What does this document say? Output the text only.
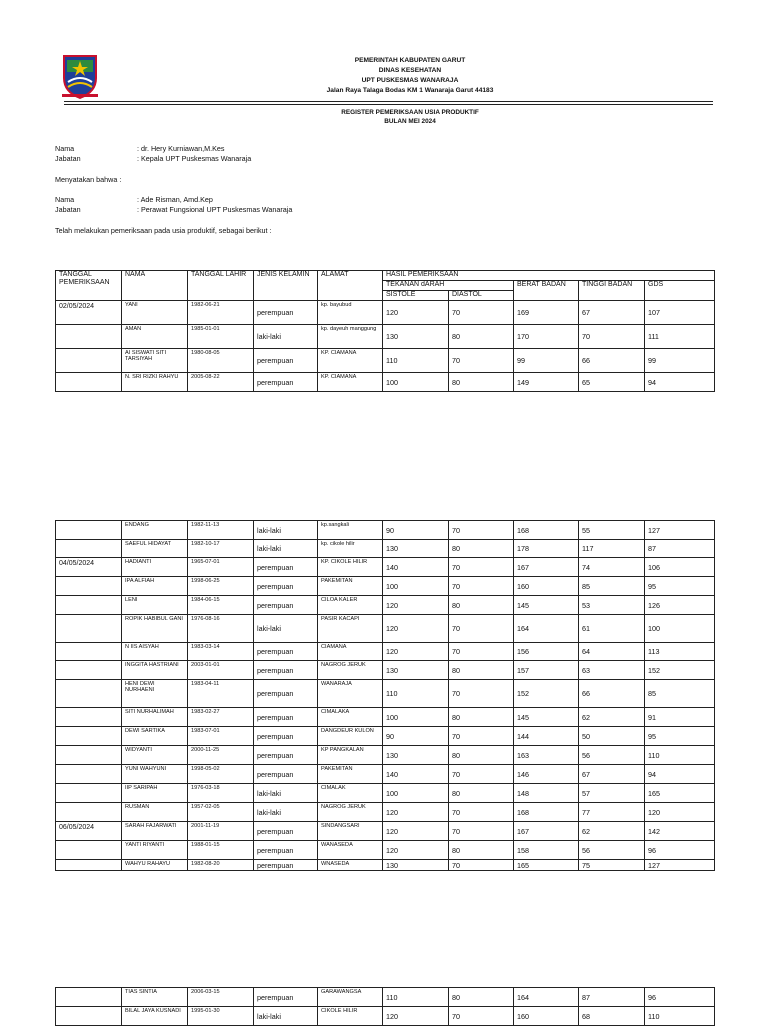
PEMERINTAH KABUPATEN GARUT
DINAS KESEHATAN
UPT PUSKESMAS WANARAJA
Jalan Raya Talaga Bodas KM 1 Wanaraja Garut 44183
REGISTER PEMERIKSAAN USIA PRODUKTIF
BULAN MEI 2024
Nama	: dr. Hery Kurniawan,M.Kes
Jabatan	: Kepala UPT Puskesmas Wanaraja
Menyatakan bahwa :
Nama	: Ade Risman, Amd.Kep
Jabatan	: Perawat Fungsional UPT Puskesmas Wanaraja
Telah melakukan pemeriksaan pada usia produktif, sebagai berikut :
TANGGAL PEMERIKSAAN	NAMA	TANGGAL LAHIR	JENIS KELAMIN	ALAMAT	HASIL PEMERIKSAAN				
					TEKANAN dARAH		BERAT BADAN	TINGGI BADAN	GDS
					SISTOLE	DIASTOL			
02/05/2024	YANI	1982-06-21	perempuan	kp. bayubud	120	70	169	67	107
	AMAN	1985-01-01	laki-laki	kp. dayeuh manggung	130	80	170	70	111
	AI SISWATI SITI TARSIYAH	1980-08-05	perempuan	KP. CIAMANA	110	70	99	66	99
	N. SRI RIZKI RAHYU	2005-08-22	perempuan	KP. CIAMANA	100	80	149	65	94
	ENDANG	1982-11-13	laki-laki	kp.sangkali	90	70	168	55	127
	SAEFUL HIDAYAT	1982-10-17	laki-laki	kp. cikole hilir	130	80	178	117	87
04/05/2024	HADIANTI	1965-07-01	perempuan	KP. CIKOLE HILIR	140	70	167	74	106
	IPA ALFIAH	1998-06-25	perempuan	PAKEMITAN	100	70	160	85	95
	LENI	1984-06-15	perempuan	CILOA KALER	120	80	145	53	126
	ROPIK HABIBUL GANI	1976-08-16	laki-laki	PASIR KACAPI	120	70	164	61	100
	N IIS AISYAH	1983-03-14	perempuan	CIAMANA	120	70	156	64	113
	INGGITA HASTRIANI	2003-01-01	perempuan	NAGROG JERUK	130	80	157	63	152
	HENI DEWI NURHAENI	1983-04-11	perempuan	WANARAJA	110	70	152	66	85
	SITI NURHALIMAH	1983-02-27	perempuan	CIMALAKA	100	80	145	62	91
	DEWI SARTIKA	1983-07-01	perempuan	DANGDEUR KULON	90	70	144	50	95
	WIDYANTI	2000-11-25	perempuan	KP PANGKALAN	130	80	163	56	110
	YUNI WAHYUNI	1998-05-02	perempuan	PAKEMITAN	140	70	146	67	94
	IIP SARIPAH	1976-03-18	laki-laki	CIMALAK	100	80	148	57	165
	RUSMAN	1957-02-05	laki-laki	NAGROG JERUK	120	70	168	77	120
06/05/2024	SARAH FAJARWATI	2001-11-19	perempuan	SINDANGSARI	120	70	167	62	142
	YANTI RIYANTI	1988-01-15	perempuan	WANASEDA	120	80	158	56	96
	WAHYU RAHAYU	1982-08-20	perempuan	WNASEDA	130	70	165	75	127
	TIAS SINTIA	2006-03-15	perempuan	GARAWANGSA	110	80	164	87	96
	BILAL JAYA KUSNADI	1995-01-30	laki-laki	CIKOLE HILIR	120	70	160	68	110
